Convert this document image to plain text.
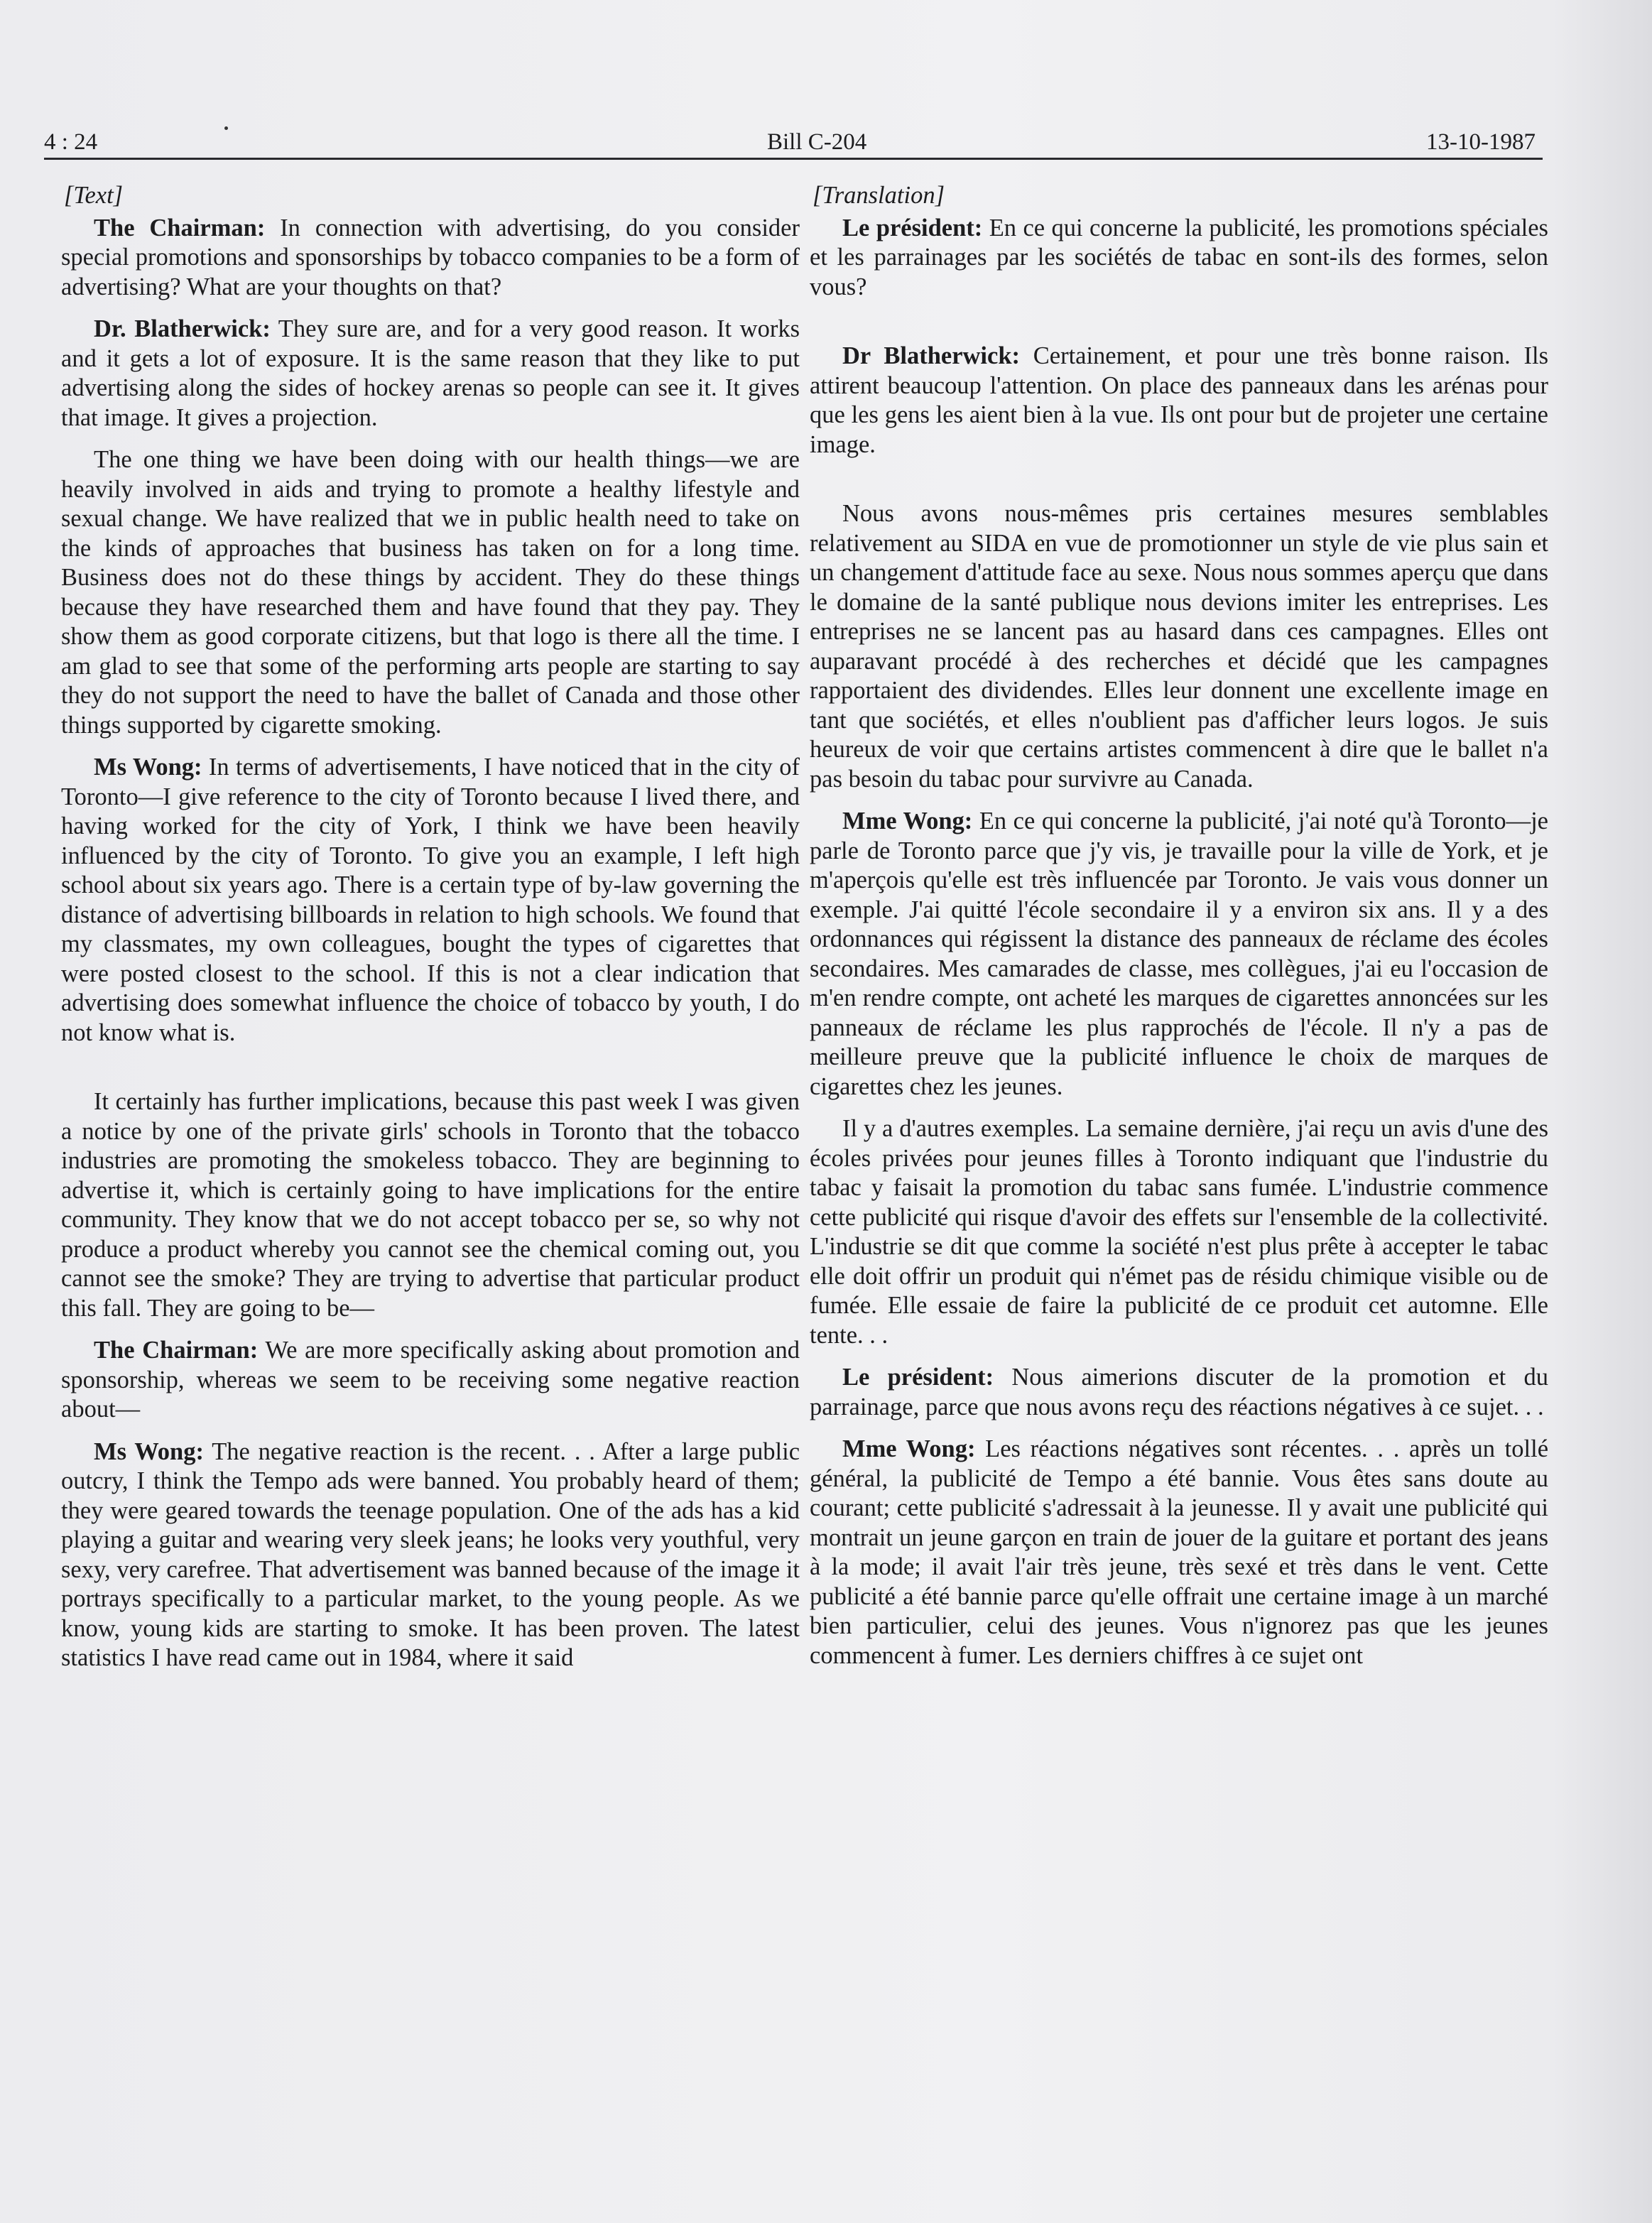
4 : 24	Bill C-204	13-10-1987
[Text]

The Chairman: In connection with advertising, do you consider special promotions and sponsorships by tobacco companies to be a form of advertising? What are your thoughts on that?

Dr. Blatherwick: They sure are, and for a very good reason. It works and it gets a lot of exposure. It is the same reason that they like to put advertising along the sides of hockey arenas so people can see it. It gives that image. It gives a projection.

The one thing we have been doing with our health things—we are heavily involved in aids and trying to promote a healthy lifestyle and sexual change. We have realized that we in public health need to take on the kinds of approaches that business has taken on for a long time. Business does not do these things by accident. They do these things because they have researched them and have found that they pay. They show them as good corporate citizens, but that logo is there all the time. I am glad to see that some of the performing arts people are starting to say they do not support the need to have the ballet of Canada and those other things supported by cigarette smoking.

Ms Wong: In terms of advertisements, I have noticed that in the city of Toronto—I give reference to the city of Toronto because I lived there, and having worked for the city of York, I think we have been heavily influenced by the city of Toronto. To give you an example, I left high school about six years ago. There is a certain type of by-law governing the distance of advertising billboards in relation to high schools. We found that my classmates, my own colleagues, bought the types of cigarettes that were posted closest to the school. If this is not a clear indication that advertising does somewhat influence the choice of tobacco by youth, I do not know what is.

It certainly has further implications, because this past week I was given a notice by one of the private girls' schools in Toronto that the tobacco industries are promoting the smokeless tobacco. They are beginning to advertise it, which is certainly going to have implications for the entire community. They know that we do not accept tobacco per se, so why not produce a product whereby you cannot see the chemical coming out, you cannot see the smoke? They are trying to advertise that particular product this fall. They are going to be—

The Chairman: We are more specifically asking about promotion and sponsorship, whereas we seem to be receiving some negative reaction about—

Ms Wong: The negative reaction is the recent. . . After a large public outcry, I think the Tempo ads were banned. You probably heard of them; they were geared towards the teenage population. One of the ads has a kid playing a guitar and wearing very sleek jeans; he looks very youthful, very sexy, very carefree. That advertisement was banned because of the image it portrays specifically to a particular market, to the young people. As we know, young kids are starting to smoke. It has been proven. The latest statistics I have read came out in 1984, where it said

[Translation]

Le président: En ce qui concerne la publicité, les promotions spéciales et les parrainages par les sociétés de tabac en sont-ils des formes, selon vous?

Dr Blatherwick: Certainement, et pour une très bonne raison. Ils attirent beaucoup l'attention. On place des panneaux dans les arénas pour que les gens les aient bien à la vue. Ils ont pour but de projeter une certaine image.

Nous avons nous-mêmes pris certaines mesures semblables relativement au SIDA en vue de promotionner un style de vie plus sain et un changement d'attitude face au sexe. Nous nous sommes aperçu que dans le domaine de la santé publique nous devions imiter les entreprises. Les entreprises ne se lancent pas au hasard dans ces campagnes. Elles ont auparavant procédé à des recherches et décidé que les campagnes rapportaient des dividendes. Elles leur donnent une excellente image en tant que sociétés, et elles n'oublient pas d'afficher leurs logos. Je suis heureux de voir que certains artistes commencent à dire que le ballet n'a pas besoin du tabac pour survivre au Canada.

Mme Wong: En ce qui concerne la publicité, j'ai noté qu'à Toronto—je parle de Toronto parce que j'y vis, je travaille pour la ville de York, et je m'aperçois qu'elle est très influencée par Toronto. Je vais vous donner un exemple. J'ai quitté l'école secondaire il y a environ six ans. Il y a des ordonnances qui régissent la distance des panneaux de réclame des écoles secondaires. Mes camarades de classe, mes collègues, j'ai eu l'occasion de m'en rendre compte, ont acheté les marques de cigarettes annoncées sur les panneaux de réclame les plus rapprochés de l'école. Il n'y a pas de meilleure preuve que la publicité influence le choix de marques de cigarettes chez les jeunes.

Il y a d'autres exemples. La semaine dernière, j'ai reçu un avis d'une des écoles privées pour jeunes filles à Toronto indiquant que l'industrie du tabac y faisait la promotion du tabac sans fumée. L'industrie commence cette publicité qui risque d'avoir des effets sur l'ensemble de la collectivité. L'industrie se dit que comme la société n'est plus prête à accepter le tabac elle doit offrir un produit qui n'émet pas de résidu chimique visible ou de fumée. Elle essaie de faire la publicité de ce produit cet automne. Elle tente. . .

Le président: Nous aimerions discuter de la promotion et du parrainage, parce que nous avons reçu des réactions négatives à ce sujet. . .

Mme Wong: Les réactions négatives sont récentes. . . après un tollé général, la publicité de Tempo a été bannie. Vous êtes sans doute au courant; cette publicité s'adressait à la jeunesse. Il y avait une publicité qui montrait un jeune garçon en train de jouer de la guitare et portant des jeans à la mode; il avait l'air très jeune, très sexé et très dans le vent. Cette publicité a été bannie parce qu'elle offrait une certaine image à un marché bien particulier, celui des jeunes. Vous n'ignorez pas que les jeunes commencent à fumer. Les derniers chiffres à ce sujet ont
